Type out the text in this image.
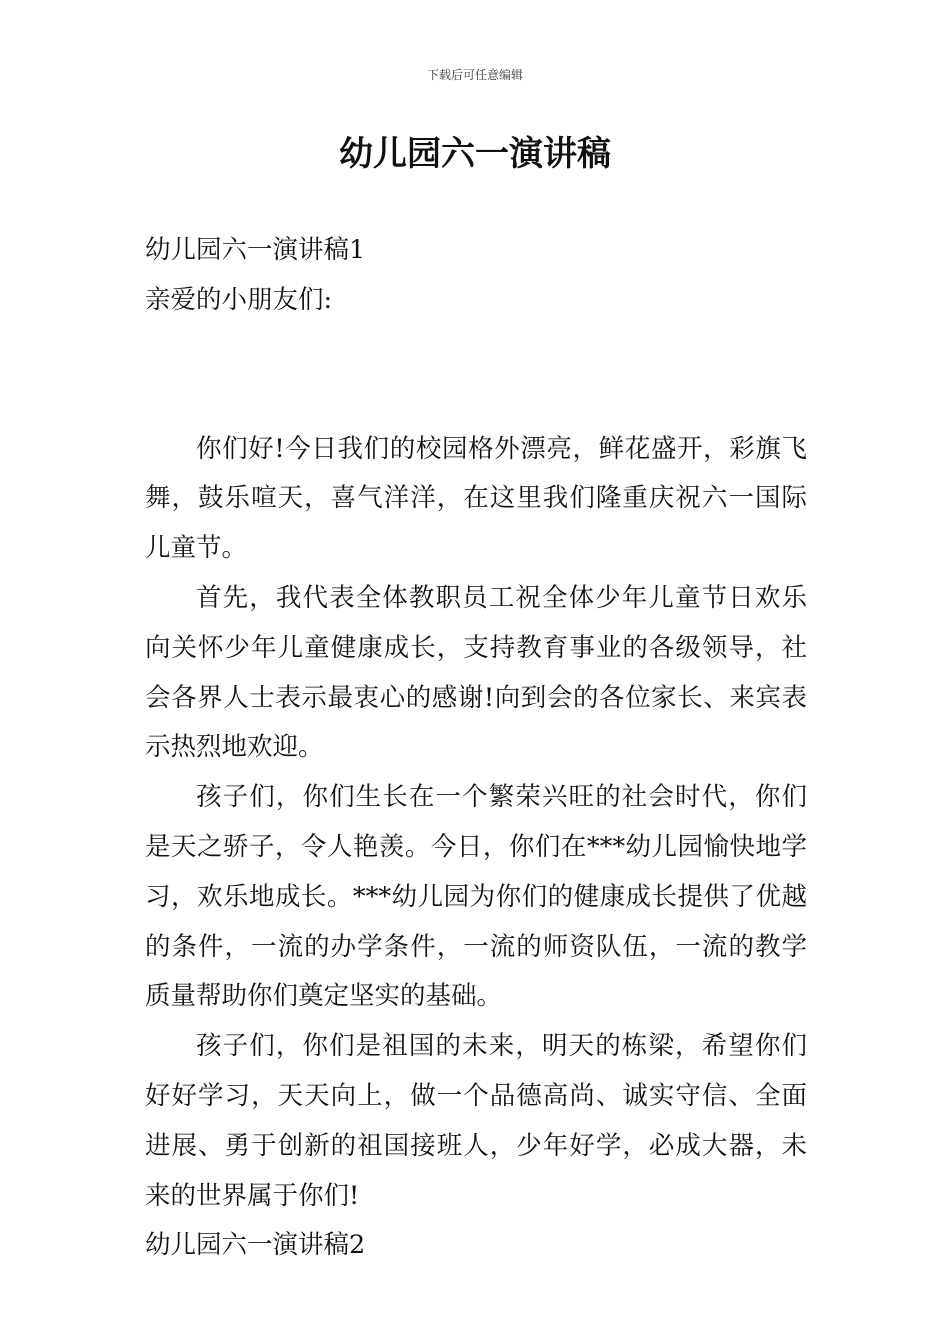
下载后可任意编辑
幼儿园六一演讲稿

幼儿园六一演讲稿1

亲爱的小朋友们:

你们好!今日我们的校园格外漂亮，鲜花盛开，彩旗飞舞，鼓乐喧天，喜气洋洋，在这里我们隆重庆祝六一国际儿童节。

首先，我代表全体教职员工祝全体少年儿童节日欢乐向关怀少年儿童健康成长，支持教育事业的各级领导，社会各界人士表示最衷心的感谢!向到会的各位家长、来宾表示热烈地欢迎。

孩子们，你们生长在一个繁荣兴旺的社会时代，你们是天之骄子，令人艳羡。今日，你们在***幼儿园愉快地学习，欢乐地成长。***幼儿园为你们的健康成长提供了优越的条件，一流的办学条件，一流的师资队伍，一流的教学质量帮助你们奠定坚实的基础。

孩子们，你们是祖国的未来，明天的栋梁，希望你们好好学习，天天向上，做一个品德高尚、诚实守信、全面进展、勇于创新的祖国接班人，少年好学，必成大器，未来的世界属于你们!

幼儿园六一演讲稿2
